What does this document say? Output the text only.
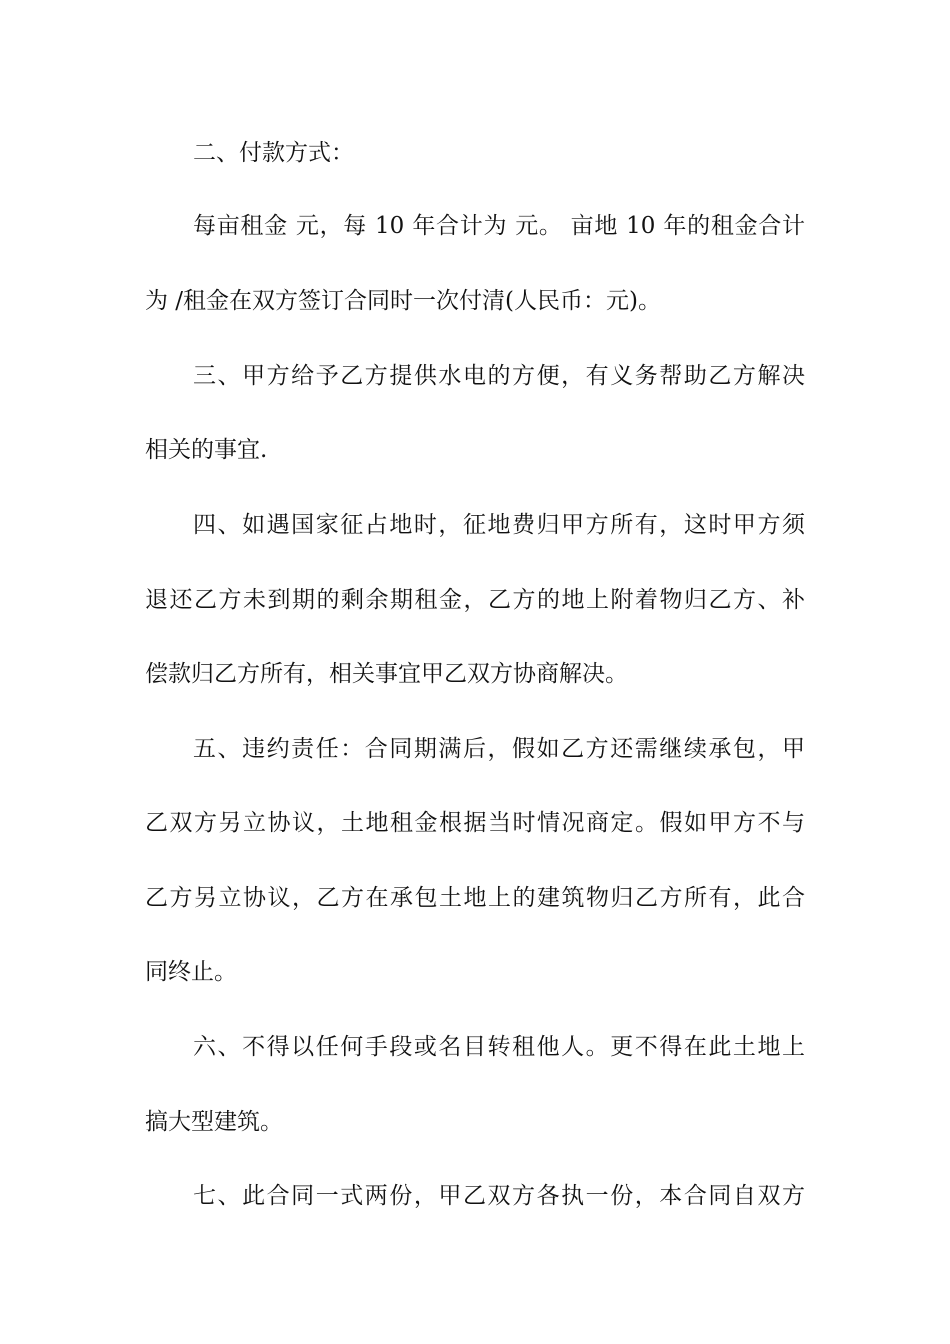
二、付款方式：
每亩租金 元，每 10 年合计为 元。 亩地 10 年的租金合计
为 /租金在双方签订合同时一次付清(人民币：元)。
三、甲方给予乙方提供水电的方便，有义务帮助乙方解决
相关的事宜.
四、如遇国家征占地时，征地费归甲方所有，这时甲方须
退还乙方未到期的剩余期租金，乙方的地上附着物归乙方、补
偿款归乙方所有，相关事宜甲乙双方协商解决。
五、违约责任：合同期满后，假如乙方还需继续承包，甲
乙双方另立协议，土地租金根据当时情况商定。假如甲方不与
乙方另立协议，乙方在承包土地上的建筑物归乙方所有，此合
同终止。
六、不得以任何手段或名目转租他人。更不得在此土地上
搞大型建筑。
七、此合同一式两份，甲乙双方各执一份，本合同自双方
